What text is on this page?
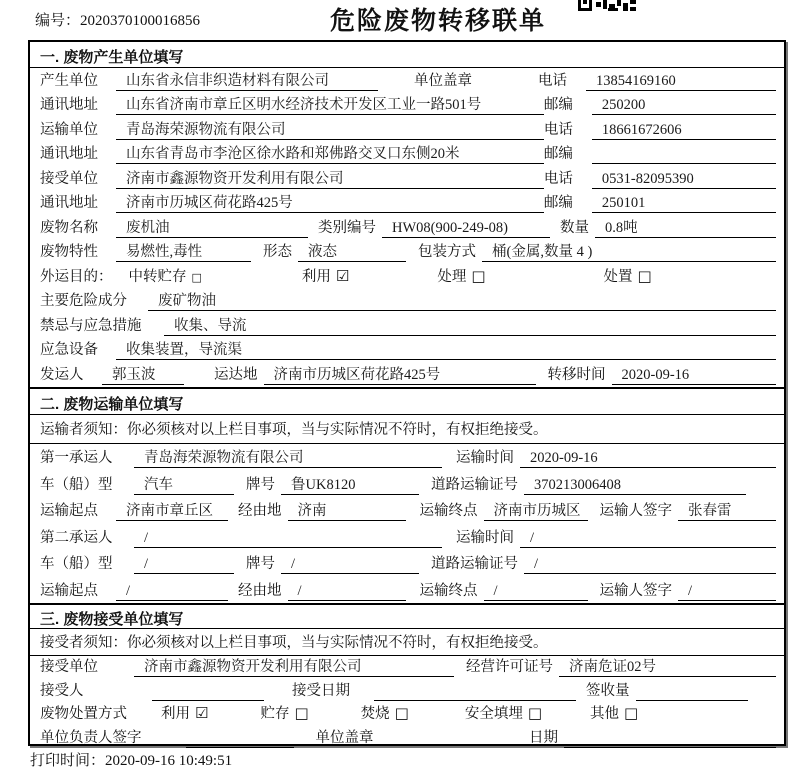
编号：2020370100016856	危险废物转移联单
一. 废物产生单位填写
产生单位	山东省永信非织造材料有限公司	单位盖章	电话	13854169160
通讯地址	山东省济南市章丘区明水经济技术开发区工业一路501号	邮编	250200
运输单位	青岛海荣源物流有限公司	电话	18661672606
通讯地址	山东省青岛市李沧区徐水路和郑佛路交叉口东侧20米	邮编
接受单位	济南市鑫源物资开发利用有限公司	电话	0531-82095390
通讯地址	济南市历城区荷花路425号	邮编	250101
废物名称	废机油	类别编号	HW08(900-249-08)	数量	0.8吨
废物特性	易燃性,毒性	形态	液态	包装方式	桶(金属,数量 4 )
外运目的： 中转贮存 □	利用 ☑	处理 □	处置 □
主要危险成分	废矿物油
禁忌与应急措施	收集、导流
应急设备	收集装置，导流渠
发运人	郭玉波	运达地	济南市历城区荷花路425号	转移时间	2020-09-16
二. 废物运输单位填写
运输者须知：你必须核对以上栏目事项，当与实际情况不符时，有权拒绝接受。
第一承运人	青岛海荣源物流有限公司	运输时间	2020-09-16
车（船）型	汽车	牌号	鲁UK8120	道路运输证号	370213006408
运输起点	济南市章丘区	经由地	济南	运输终点	济南市历城区	运输人签字	张春雷
第二承运人	/	运输时间	/
车（船）型	/	牌号	/	道路运输证号	/
运输起点	/	经由地	/	运输终点	/	运输人签字	/
三. 废物接受单位填写
接受者须知：你必须核对以上栏目事项，当与实际情况不符时，有权拒绝接受。
接受单位	济南市鑫源物资开发利用有限公司	经营许可证号	济南危证02号
接受人	接受日期	签收量
废物处置方式 利用 ☑	贮存 □	焚烧 □	安全填埋 □	其他 □
单位负责人签字	单位盖章	日期
打印时间：2020-09-16 10:49:51
